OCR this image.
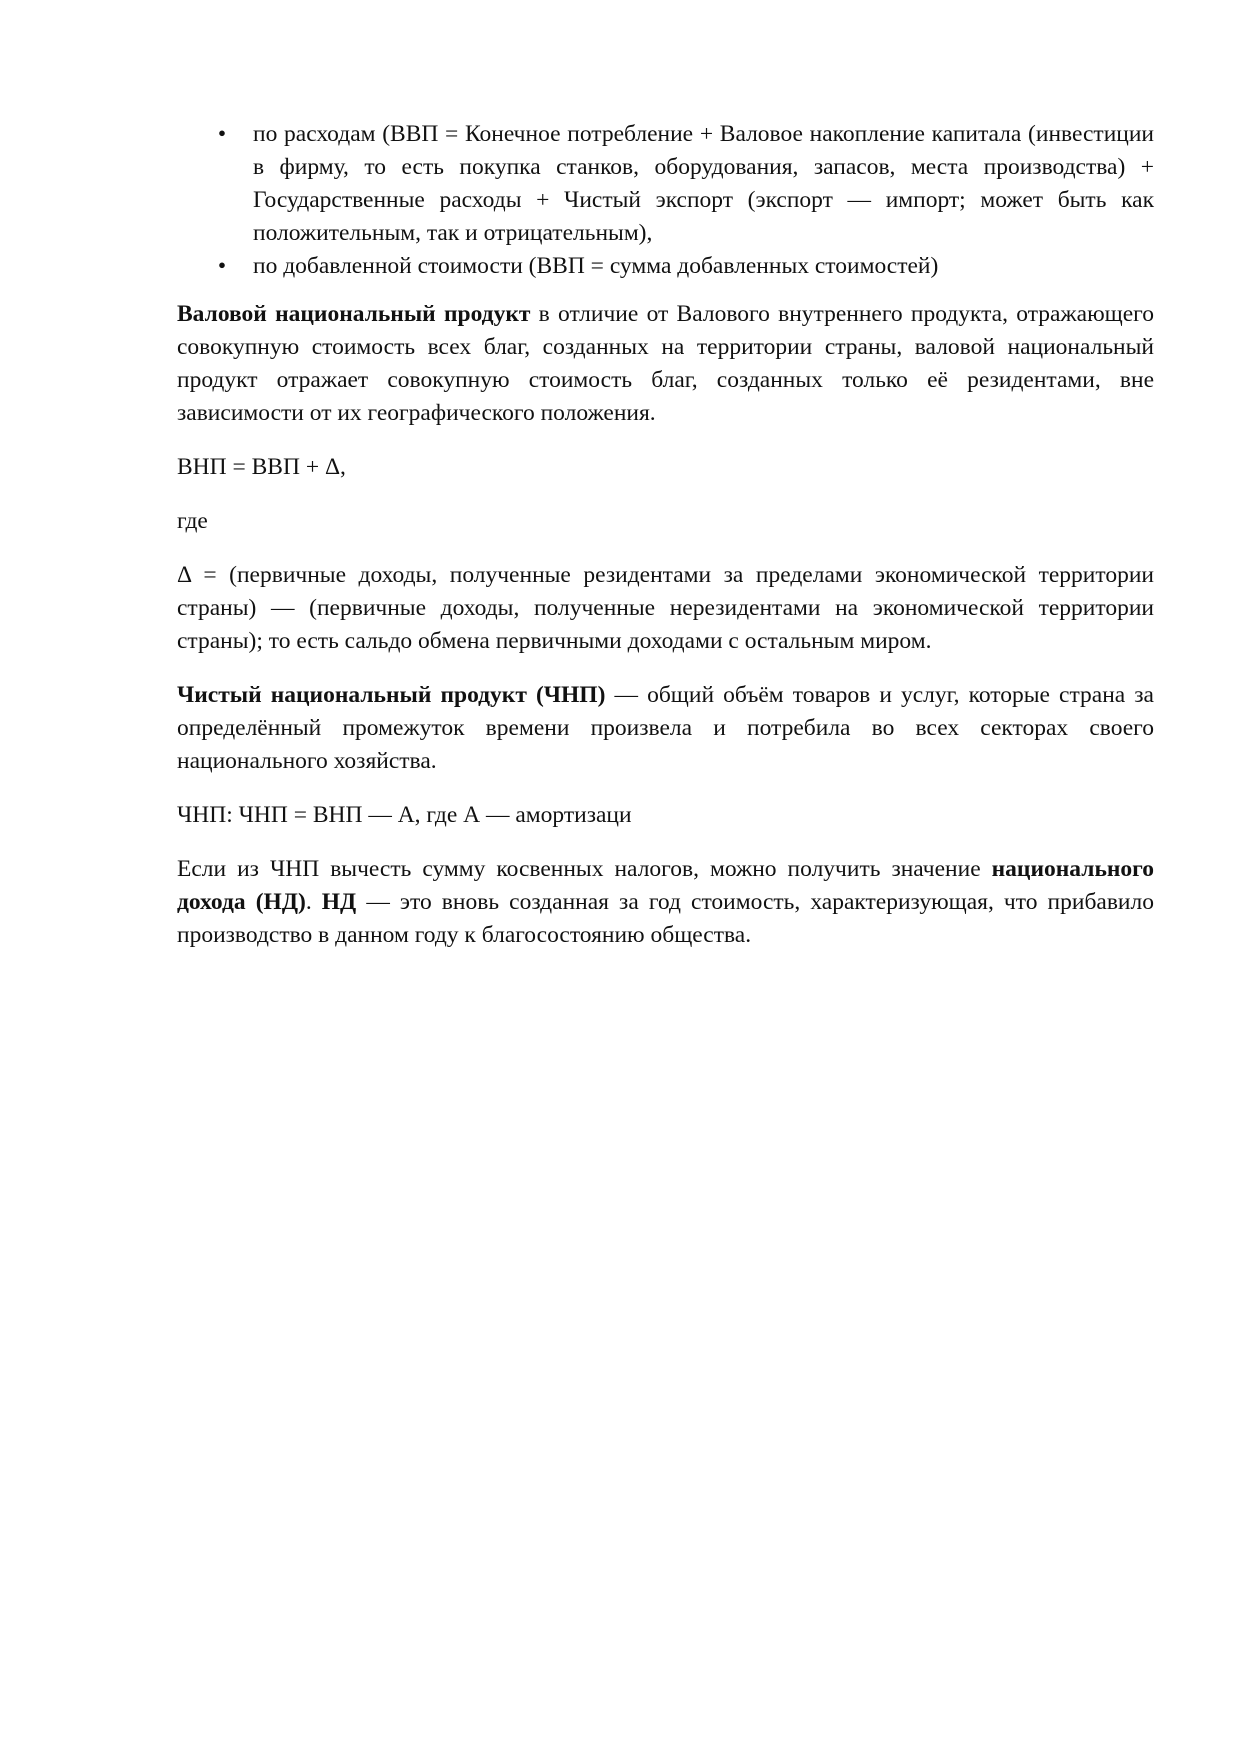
• по расходам (ВВП = Конечное потребление + Валовое накопление капитала (инвестиции в фирму, то есть покупка станков, оборудования, запасов, места производства) + Государственные расходы + Чистый экспорт (экспорт — импорт; может быть как положительным, так и отрицательным),
• по добавленной стоимости (ВВП = сумма добавленных стоимостей)

Валовой национальный продукт в отличие от Валового внутреннего продукта, отражающего совокупную стоимость всех благ, созданных на территории страны, валовой национальный продукт отражает совокупную стоимость благ, созданных только её резидентами, вне зависимости от их географического положения.

ВНП = ВВП + Δ,

где

Δ = (первичные доходы, полученные резидентами за пределами экономической территории страны) — (первичные доходы, полученные нерезидентами на экономической территории страны); то есть сальдо обмена первичными доходами с остальным миром.

Чистый национальный продукт (ЧНП) — общий объём товаров и услуг, которые страна за определённый промежуток времени произвела и потребила во всех секторах своего национального хозяйства.

ЧНП: ЧНП = ВНП — А, где А — амортизаци

Если из ЧНП вычесть сумму косвенных налогов, можно получить значение национального дохода (НД). НД — это вновь созданная за год стоимость, характеризующая, что прибавило производство в данном году к благосостоянию общества.
